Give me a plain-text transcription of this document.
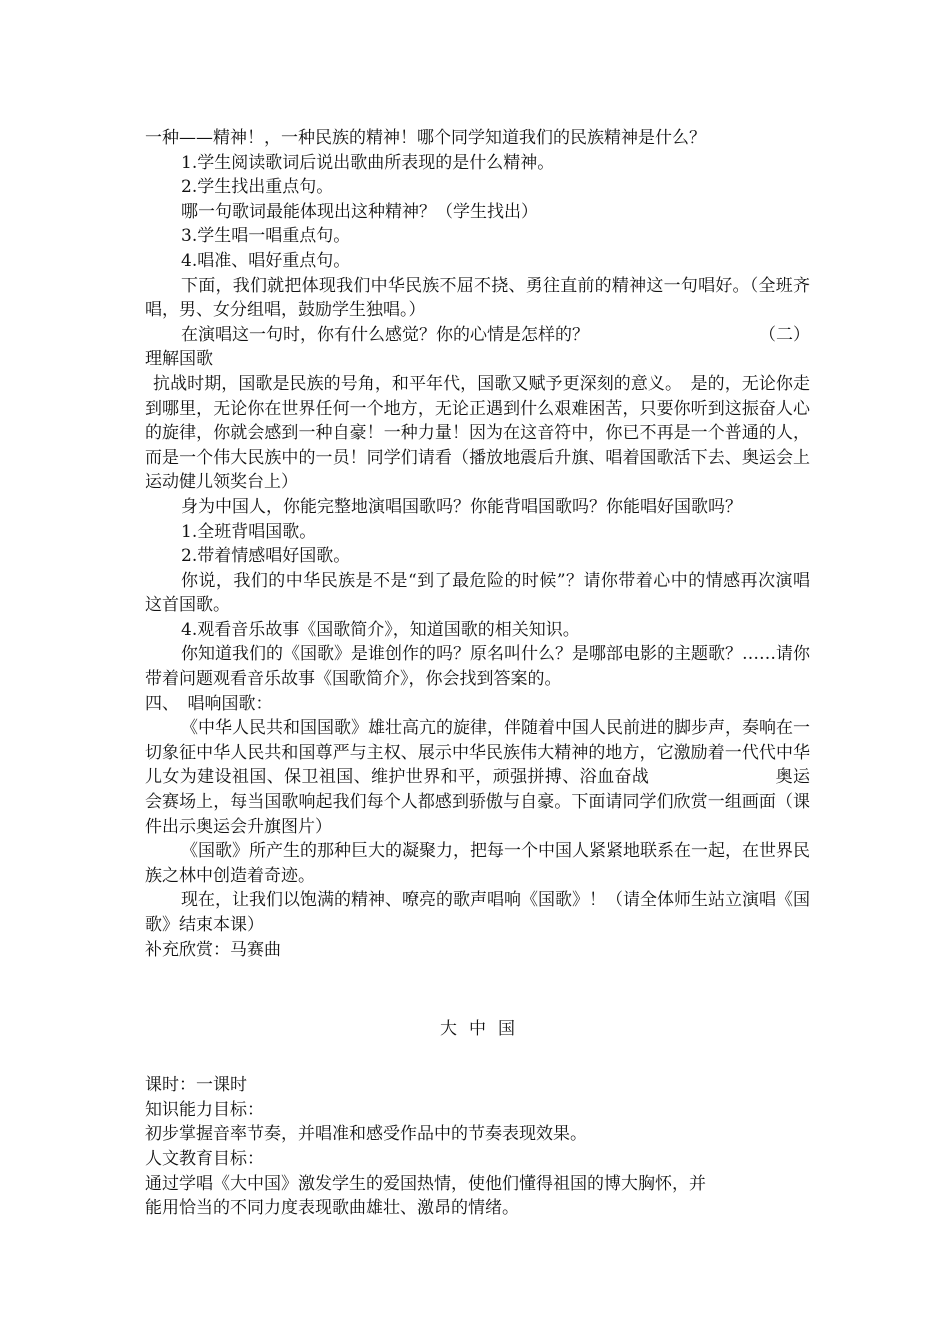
一种——精神！，一种民族的精神！哪个同学知道我们的民族精神是什么？

1.学生阅读歌词后说出歌曲所表现的是什么精神。

2.学生找出重点句。

哪一句歌词最能体现出这种精神？（学生找出）

3.学生唱一唱重点句。

4.唱准、唱好重点句。

下面，我们就把体现我们中华民族不屈不挠、勇往直前的精神这一句唱好。（全班齐唱，男、女分组唱，鼓励学生独唱。）

在演唱这一句时，你有什么感觉？你的心情是怎样的？	（二）

理解国歌

抗战时期，国歌是民族的号角，和平年代，国歌又赋予更深刻的意义。　是的，无论你走到哪里，无论你在世界任何一个地方，无论正遇到什么艰难困苦，只要你听到这振奋人心的旋律，你就会感到一种自豪！一种力量！因为在这音符中，你已不再是一个普通的人，而是一个伟大民族中的一员！同学们请看（播放地震后升旗、唱着国歌活下去、奥运会上运动健儿领奖台上）

身为中国人，你能完整地演唱国歌吗？你能背唱国歌吗？你能唱好国歌吗？

1.全班背唱国歌。

2.带着情感唱好国歌。

你说，我们的中华民族是不是“到了最危险的时候”？请你带着心中的情感再次演唱这首国歌。

4.观看音乐故事《国歌简介》，知道国歌的相关知识。

你知道我们的《国歌》是谁创作的吗？原名叫什么？是哪部电影的主题歌？……请你带着问题观看音乐故事《国歌简介》，你会找到答案的。

四、　唱响国歌：

《中华人民共和国国歌》雄壮高亢的旋律，伴随着中国人民前进的脚步声，奏响在一切象征中华人民共和国尊严与主权、展示中华民族伟大精神的地方，它激励着一代代中华儿女为建设祖国、保卫祖国、维护世界和平，顽强拼搏、浴血奋战	奥运会赛场上，每当国歌响起我们每个人都感到骄傲与自豪。下面请同学们欣赏一组画面（课件出示奥运会升旗图片）

《国歌》所产生的那种巨大的凝聚力，把每一个中国人紧紧地联系在一起，在世界民族之林中创造着奇迹。

现在，让我们以饱满的精神、嘹亮的歌声唱响《国歌》！（请全体师生站立演唱《国歌》结束本课）

补充欣赏：马赛曲

大中国

课时：一课时

知识能力目标：

初步掌握音率节奏，并唱准和感受作品中的节奏表现效果。

人文教育目标：

通过学唱《大中国》激发学生的爱国热情，使他们懂得祖国的博大胸怀，并

能用恰当的不同力度表现歌曲雄壮、激昂的情绪。
